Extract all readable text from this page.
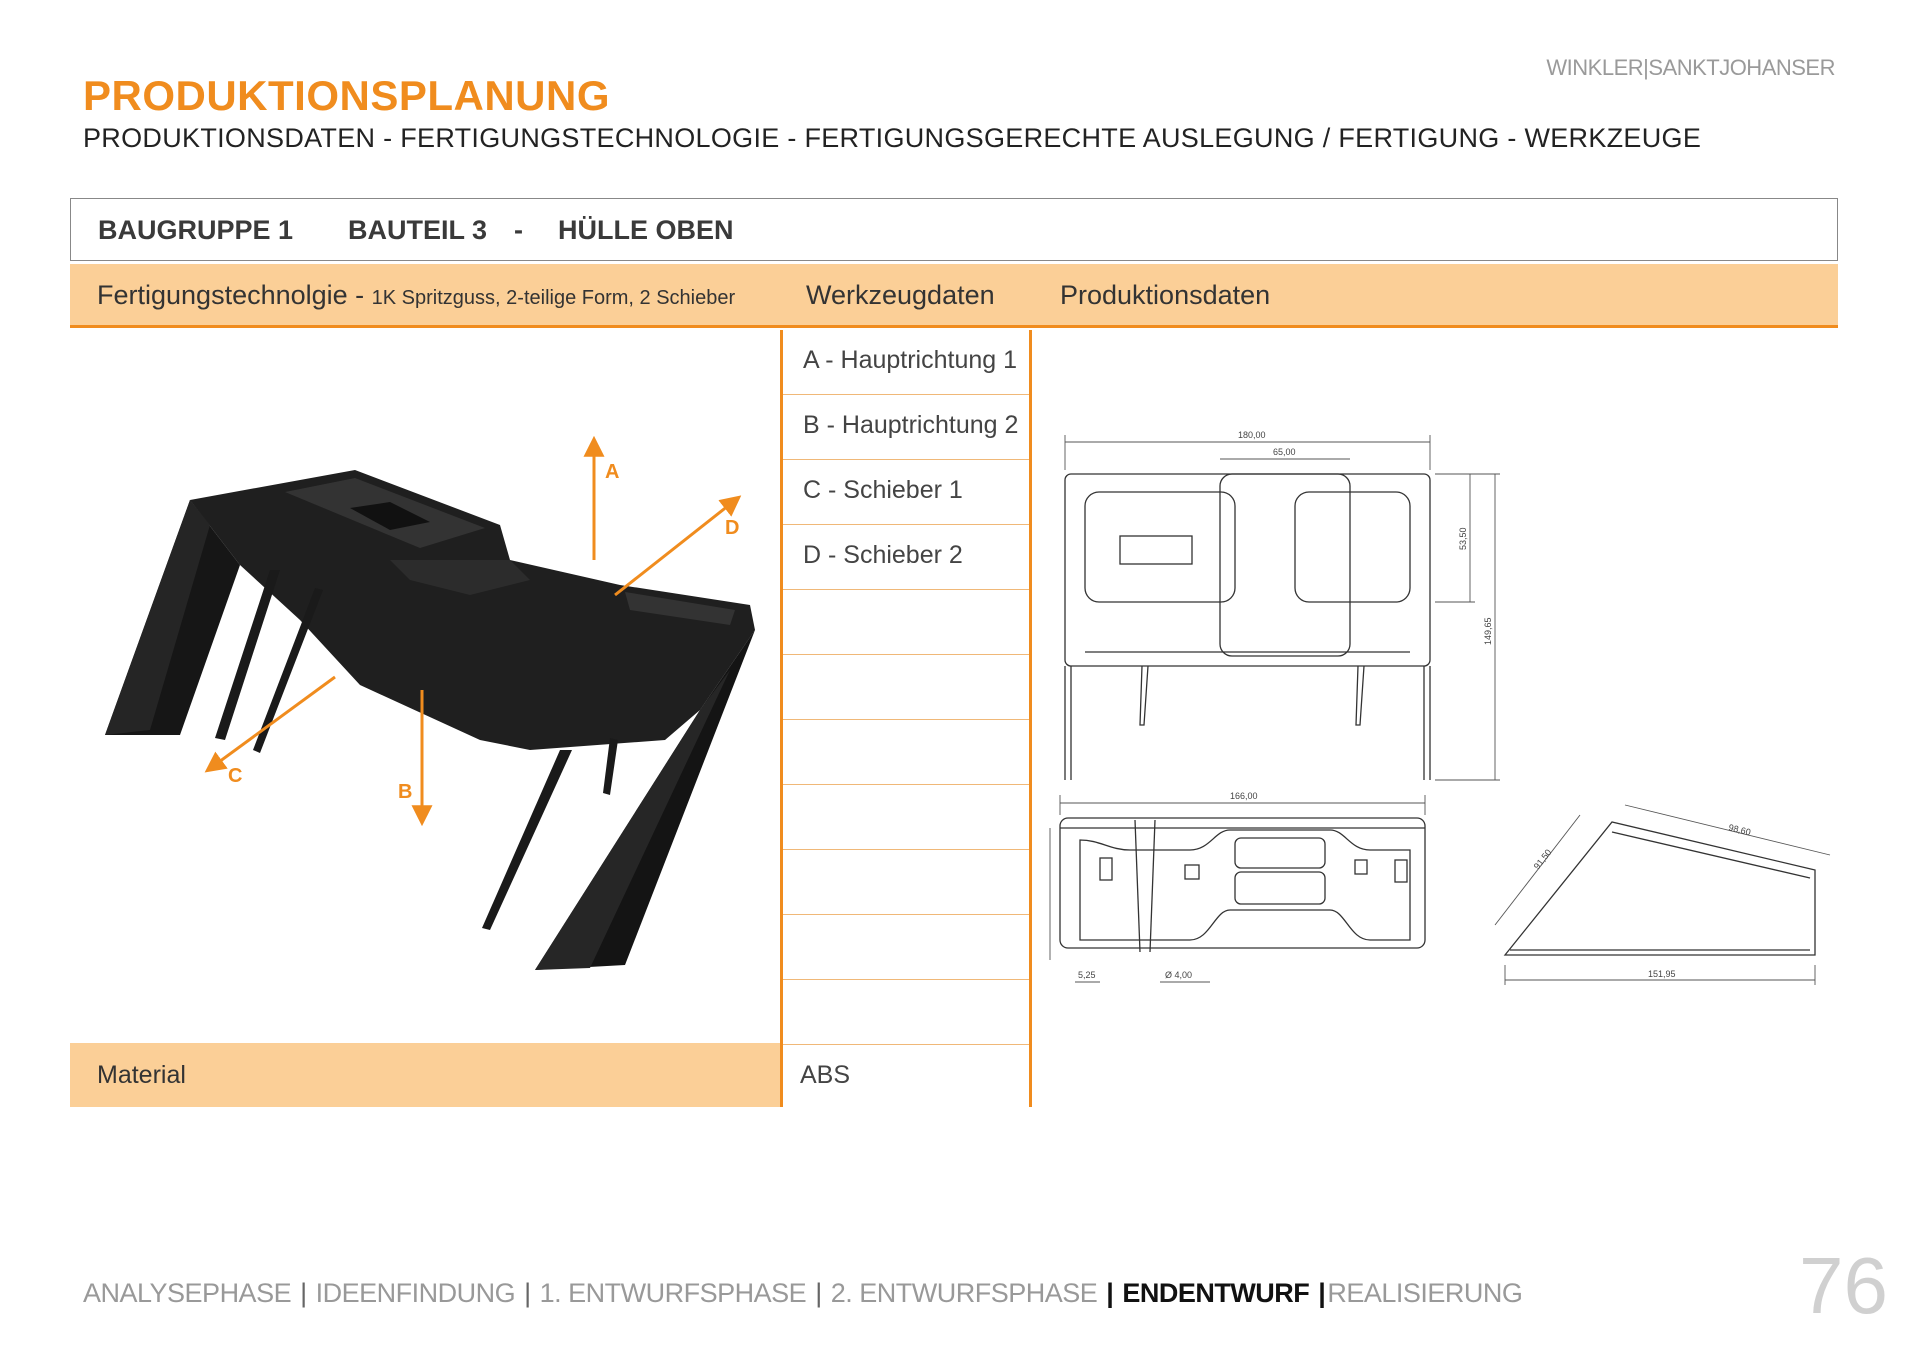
WINKLER|SANKTJOHANSER
PRODUKTIONSPLANUNG
PRODUKTIONSDATEN - FERTIGUNGSTECHNOLOGIE - FERTIGUNGSGERECHTE AUSLEGUNG / FERTIGUNG - WERKZEUGE
BAUGRUPPE 1 BAUTEIL 3 - HÜLLE OBEN
Fertigungstechnolgie - 1K Spritzguss, 2-teilige Form, 2 Schieber	Werkzeugdaten Produktionsdaten
A - Hauptrichtung 1
B - Hauptrichtung 2
C - Schieber 1
D - Schieber 2
Material	ABS
A
D
C
B
180,00
65,00
53,50
149,65
166,00
5,25	Ø 4,00
91,50
98,60
151,95
ANALYSEPHASE | IDEENFINDUNG | 1. ENTWURFSPHASE | 2. ENTWURFSPHASE | ENDENTWURF |REALISIERUNG	76
